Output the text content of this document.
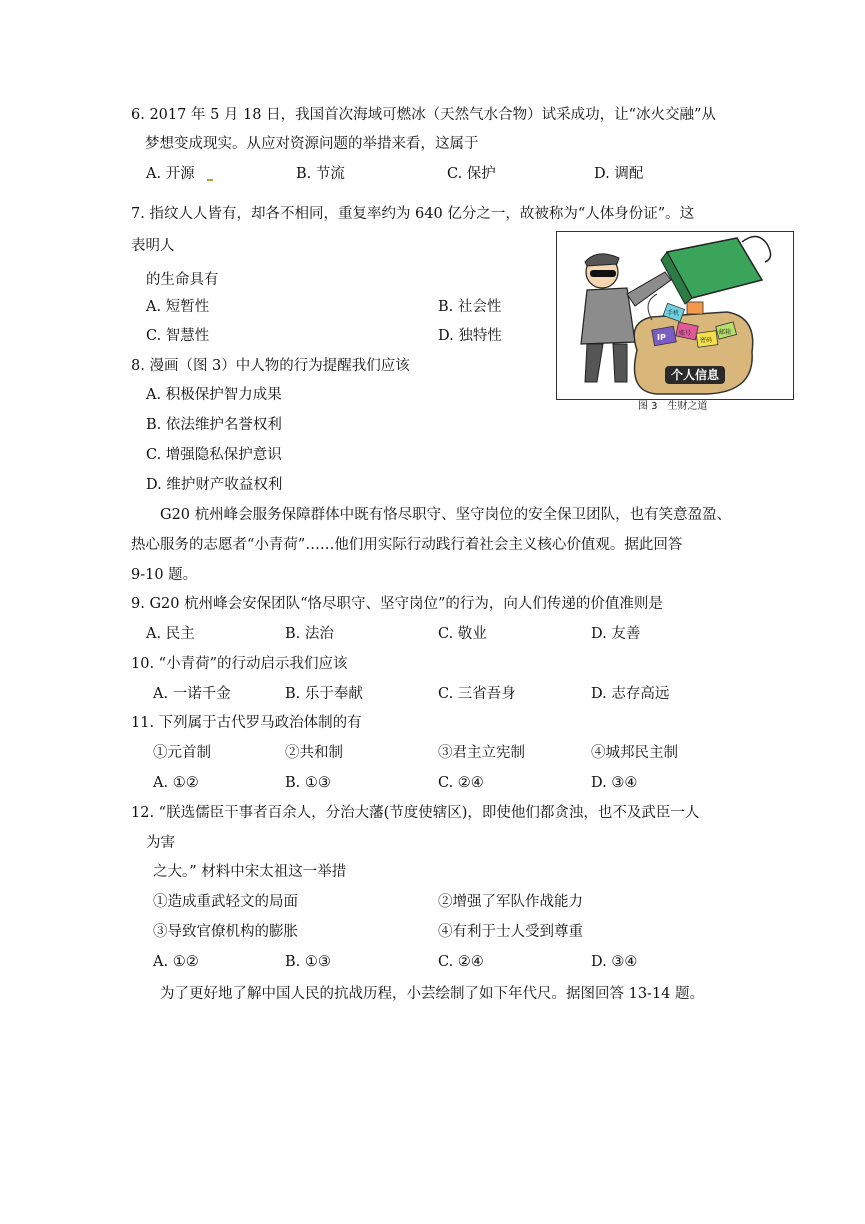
6. 2017 年 5 月 18 日，我国首次海域可燃冰（天然气水合物）试采成功，让“冰火交融”从
梦想变成现实。从应对资源问题的举措来看，这属于
A. 开源	B. 节流	C. 保护	D. 调配
7. 指纹人人皆有，却各不相同，重复率约为 640 亿分之一，故被称为“人体身份证”。这
表明人
的生命具有
A. 短暂性	B. 社会性
C. 智慧性	D. 独特性
个人信息
IP 账号
密码
手机
邮箱
图 3　生财之道
8. 漫画（图 3）中人物的行为提醒我们应该
A. 积极保护智力成果
B. 依法维护名誉权利
C. 增强隐私保护意识
D. 维护财产收益权利
G20 杭州峰会服务保障群体中既有恪尽职守、坚守岗位的安全保卫团队，也有笑意盈盈、
热心服务的志愿者“小青荷”……他们用实际行动践行着社会主义核心价值观。据此回答
9-10 题。
9. G20 杭州峰会安保团队“恪尽职守、坚守岗位”的行为，向人们传递的价值准则是
A. 民主	B. 法治	C. 敬业	D. 友善
10. “小青荷”的行动启示我们应该
A. 一诺千金	B. 乐于奉献	C. 三省吾身	D. 志存高远
11. 下列属于古代罗马政治体制的有
①元首制	②共和制	③君主立宪制	④城邦民主制
A. ①②	B. ①③	C. ②④	D. ③④
12. “朕选儒臣干事者百余人，分治大藩(节度使辖区)，即使他们都贪浊，也不及武臣一人
为害
之大。” 材料中宋太祖这一举措
①造成重武轻文的局面	②增强了军队作战能力
③导致官僚机构的膨胀	④有利于士人受到尊重
A. ①②	B. ①③	C. ②④	D. ③④
为了更好地了解中国人民的抗战历程，小芸绘制了如下年代尺。据图回答 13-14 题。
